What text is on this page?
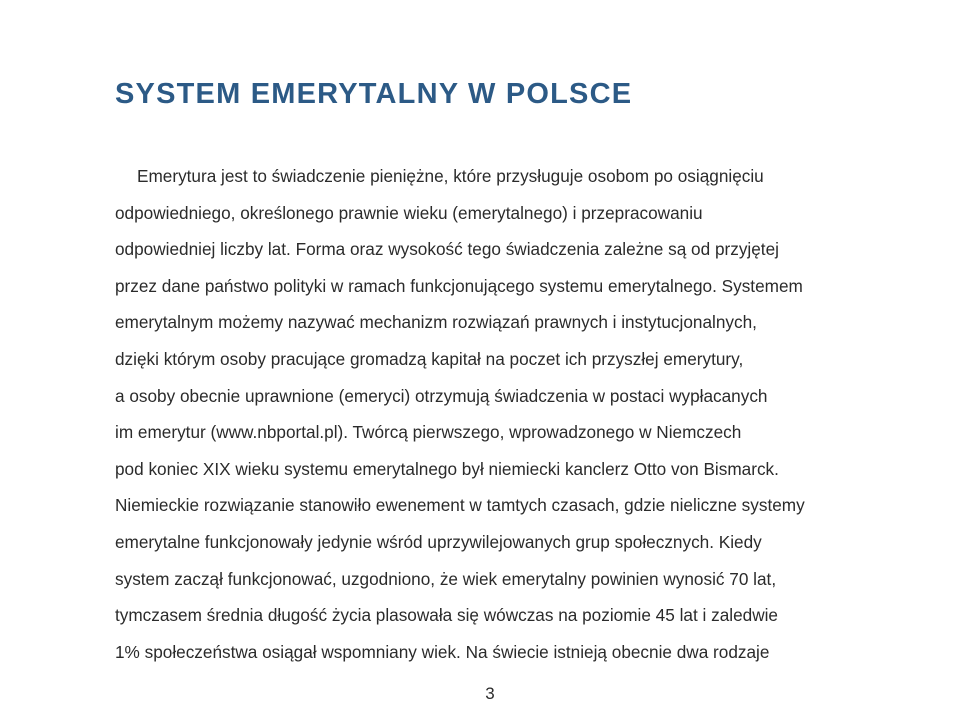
SYSTEM EMERYTALNY W POLSCE
Emerytura jest to świadczenie pieniężne, które przysługuje osobom po osiągnięciu
odpowiedniego, określonego prawnie wieku (emerytalnego) i przepracowaniu
odpowiedniej liczby lat. Forma oraz wysokość tego świadczenia zależne są od przyjętej
przez dane państwo polityki w ramach funkcjonującego systemu emerytalnego. Systemem
emerytalnym możemy nazywać mechanizm rozwiązań prawnych i instytucjonalnych,
dzięki którym osoby pracujące gromadzą kapitał na poczet ich przyszłej emerytury,
a osoby obecnie uprawnione (emeryci) otrzymują świadczenia w postaci wypłacanych
im emerytur (www.nbportal.pl). Twórcą pierwszego, wprowadzonego w Niemczech
pod koniec XIX wieku systemu emerytalnego był niemiecki kanclerz Otto von Bismarck.
Niemieckie rozwiązanie stanowiło ewenement w tamtych czasach, gdzie nieliczne systemy
emerytalne funkcjonowały jedynie wśród uprzywilejowanych grup społecznych. Kiedy
system zaczął funkcjonować, uzgodniono, że wiek emerytalny powinien wynosić 70 lat,
tymczasem średnia długość życia plasowała się wówczas na poziomie 45 lat i zaledwie
1% społeczeństwa osiągał wspomniany wiek. Na świecie istnieją obecnie dwa rodzaje

3
